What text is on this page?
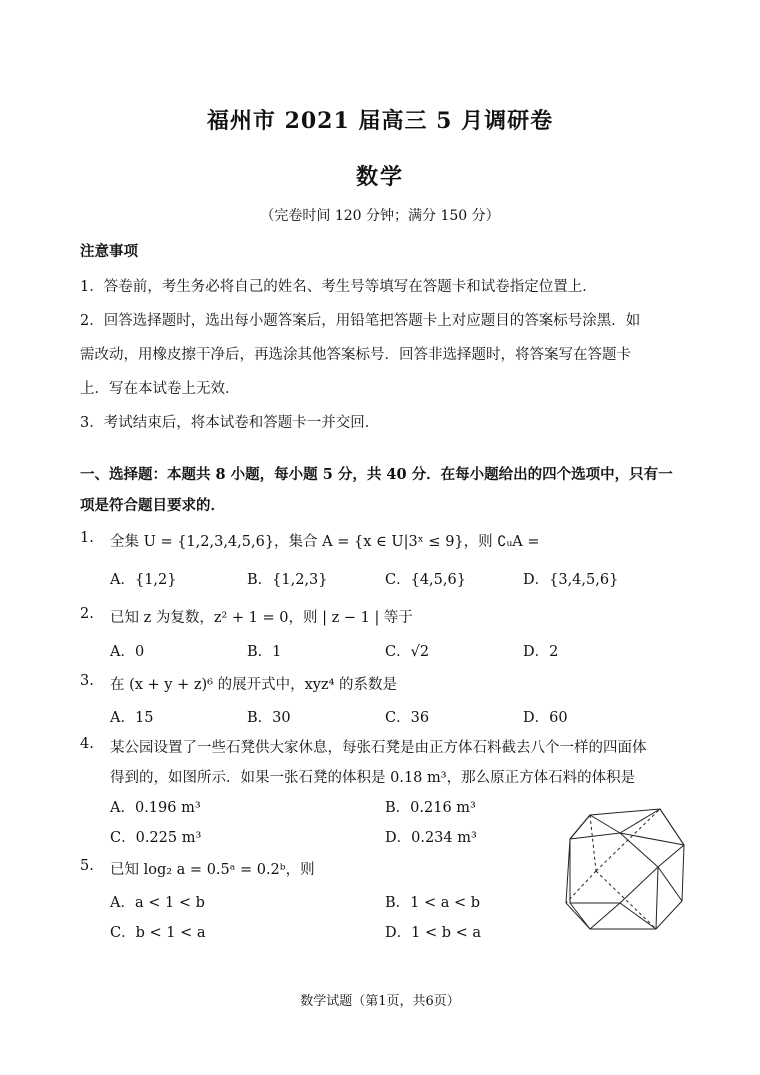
福州市 2021 届高三 5 月调研卷
数学
（完卷时间 120 分钟；满分 150 分）
注意事项
1．答卷前，考生务必将自己的姓名、考生号等填写在答题卡和试卷指定位置上．
2．回答选择题时，选出每小题答案后，用铅笔把答题卡上对应题目的答案标号涂黑．如
需改动，用橡皮擦干净后，再选涂其他答案标号．回答非选择题时，将答案写在答题卡
上．写在本试卷上无效．
3．考试结束后，将本试卷和答题卡一并交回．
一、选择题：本题共 8 小题，每小题 5 分，共 40 分．在每小题给出的四个选项中，只有一
项是符合题目要求的．
1. 全集 U = {1,2,3,4,5,6}，集合 A = {x ∈ U|3ˣ ≤ 9}，则 ∁ᵤA =
A．{1,2}	B．{1,2,3}	C．{4,5,6}	D．{3,4,5,6}
2. 已知 z 为复数，z² + 1 = 0，则 | z − 1 | 等于
A．0	B．1	C．√2	D．2
3. 在 (x + y + z)⁶ 的展开式中，xyz⁴ 的系数是
A．15	B．30	C．36	D．60
4. 某公园设置了一些石凳供大家休息，每张石凳是由正方体石料截去八个一样的四面体
得到的，如图所示．如果一张石凳的体积是 0.18 m³，那么原正方体石料的体积是
A．0.196 m³	B．0.216 m³
C．0.225 m³	D．0.234 m³
5. 已知 log₂ a = 0.5ᵃ = 0.2ᵇ，则
A．a < 1 < b	B．1 < a < b
C．b < 1 < a	D．1 < b < a
数学试题（第1页，共6页）
